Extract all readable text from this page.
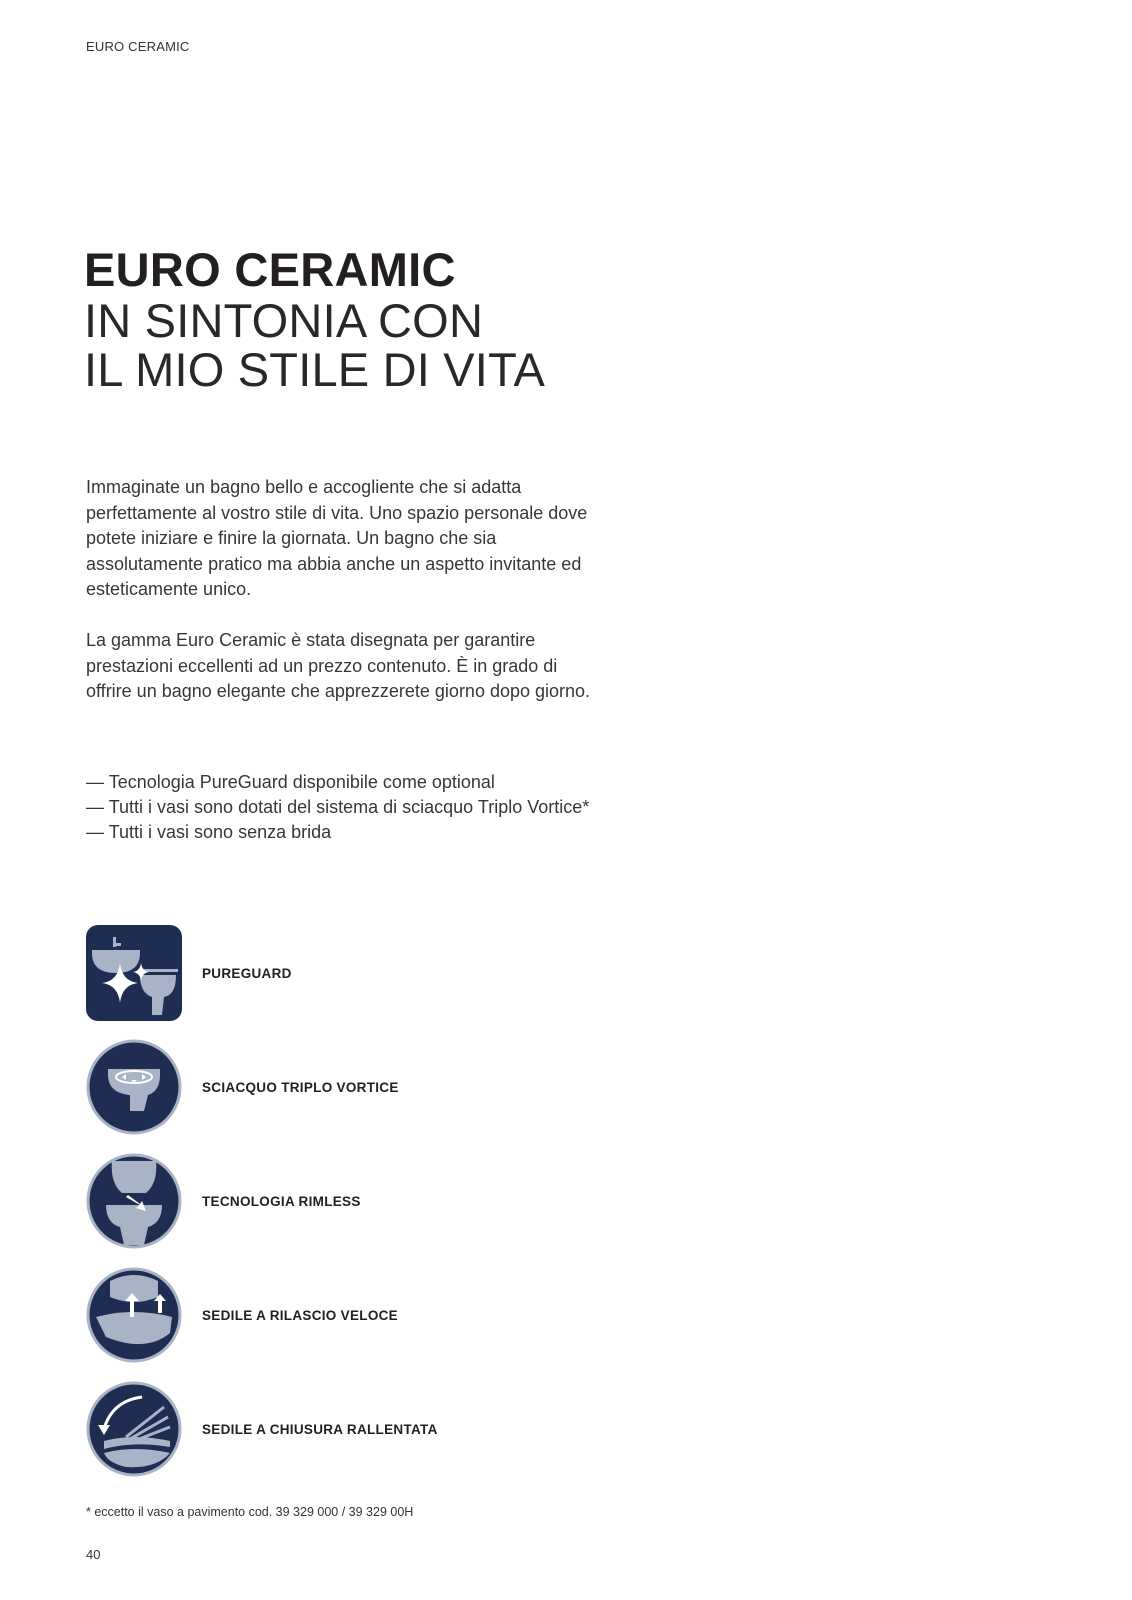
EURO CERAMIC
EURO CERAMIC
IN SINTONIA CON
IL MIO STILE DI VITA

Immaginate un bagno bello e accogliente che si adatta perfettamente al vostro stile di vita. Uno spazio personale dove potete iniziare e finire la giornata. Un bagno che sia assolutamente pratico ma abbia anche un aspetto invitante ed esteticamente unico.

La gamma Euro Ceramic è stata disegnata per garantire prestazioni eccellenti ad un prezzo contenuto. È in grado di offrire un bagno elegante che apprezzerete giorno dopo giorno.

— Tecnologia PureGuard disponibile come optional
— Tutti i vasi sono dotati del sistema di sciacquo Triplo Vortice*
— Tutti i vasi sono senza brida
PUREGUARD
SCIACQUO TRIPLO VORTICE
TECNOLOGIA RIMLESS
SEDILE A RILASCIO VELOCE
SEDILE A CHIUSURA RALLENTATA
* eccetto il vaso a pavimento cod. 39 329 000 / 39 329 00H
40
